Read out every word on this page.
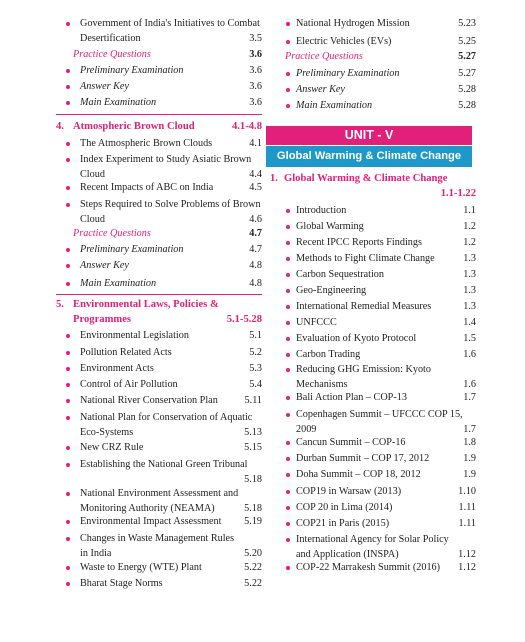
Government of India's Initiatives to Combat
Desertification	3.5
Practice Questions	3.6
Preliminary Examination	3.6
Answer Key	3.6
Main Examination	3.6
4. Atmospheric Brown Cloud	4.1-4.8
The Atmospheric Brown Clouds	4.1
Index Experiment to Study Asiatic Brown
Cloud	4.4
Recent Impacts of ABC on India	4.5
Steps Required to Solve Problems of Brown
Cloud	4.6
Practice Questions	4.7
Preliminary Examination	4.7
Answer Key	4.8
Main Examination	4.8
5. Environmental Laws, Policies &
Programmes	5.1-5.28
Environmental Legislation	5.1
Pollution Related Acts	5.2
Environment Acts	5.3
Control of Air Pollution	5.4
National River Conservation Plan	5.11
National Plan for Conservation of Aquatic
Eco-Systems	5.13
New CRZ Rule	5.15
Establishing the National Green Tribunal
5.18
National Environment Assessment and
Monitoring Authority (NEAMA)	5.18
Environmental Impact Assessment 5.19
Changes in Waste Management Rules
in India	5.20
Waste to Energy (WTE) Plant	5.22
Bharat Stage Norms	5.22
National Hydrogen Mission	5.23
Electric Vehicles (EVs)	5.25
Practice Questions	5.27
Preliminary Examination	5.27
Answer Key	5.28
Main Examination	5.28
1. Global Warming & Climate Change
1.1-1.22
Introduction	1.1
Global Warming	1.2
Recent IPCC Reports Findings	1.2
Methods to Fight Climate Change	1.3
Carbon Sequestration	1.3
Geo-Engineering	1.3
International Remedial Measures	1.3
UNFCCC	1.4
Evaluation of Kyoto Protocol	1.5
Carbon Trading	1.6
Reducing GHG Emission: Kyoto Mechanisms	1.6
Bali Action Plan – COP-13	1.7
Copenhagen Summit – UFCCC COP 15, 2009	1.7
Cancun Summit – COP-16	1.8
Durban Summit – COP 17, 2012	1.9
Doha Summit – COP 18, 2012	1.9
COP19 in Warsaw (2013)	1.10
COP 20 in Lima (2014)	1.11
COP21 in Paris (2015)	1.11
International Agency for Solar Policy
and Application (INSPA)	1.12
COP-22 Marrakesh Summit (2016) 1.12
UNIT - V
Global Warming & Climate Change
